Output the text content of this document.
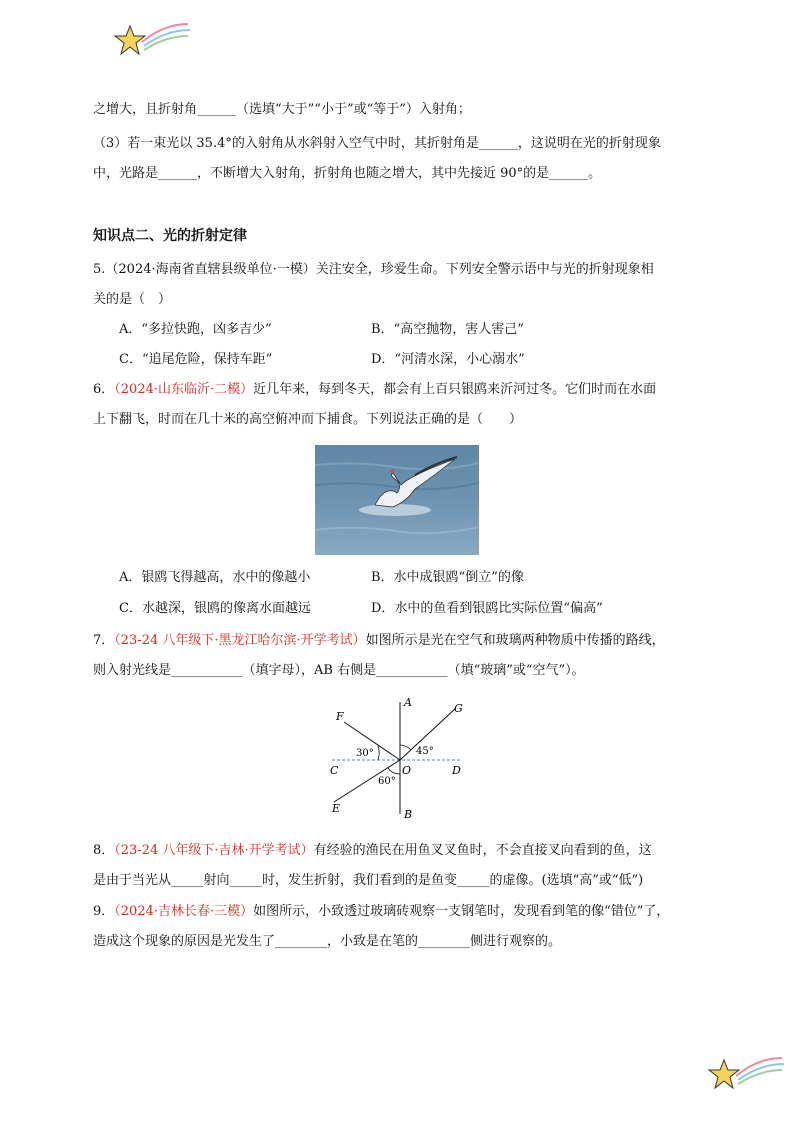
之增大，且折射角______（选填“大于”“小于”或“等于”）入射角；
（3）若一束光以 35.4°的入射角从水斜射入空气中时，其折射角是______，这说明在光的折射现象
中，光路是______，不断增大入射角，折射角也随之增大，其中先接近 90°的是______。
知识点二、光的折射定律
5.（2024·海南省直辖县级单位·一模）关注安全，珍爱生命。下列安全警示语中与光的折射现象相
关的是（　）
A．“多拉快跑，凶多吉少”	B．“高空抛物，害人害己”
C．“追尾危险，保持车距”	D．“河清水深，小心溺水”
6．（2024·山东临沂·二模）近几年来，每到冬天，都会有上百只银鸥来沂河过冬。它们时而在水面
上下翻飞，时而在几十米的高空俯冲而下捕食。下列说法正确的是（　　）
A．银鸥飞得越高，水中的像越小	B．水中成银鸥“倒立”的像
C．水越深，银鸥的像离水面越远	D．水中的鱼看到银鸥比实际位置“偏高”
7．（23-24 八年级下·黑龙江哈尔滨·开学考试）如图所示是光在空气和玻璃两种物质中传播的路线，
则入射光线是___________（填字母），AB 右侧是___________（填“玻璃”或“空气”）。
A
B
C	D
E
F
G
O
30°	45°
60°
8．（23-24 八年级下·吉林·开学考试）有经验的渔民在用鱼叉叉鱼时，不会直接叉向看到的鱼，这
是由于当光从_____射向_____时，发生折射，我们看到的是鱼变_____的虚像。(选填“高”或“低”)
9．（2024·吉林长春·三模）如图所示，小致透过玻璃砖观察一支钢笔时，发现看到笔的像“错位”了，
造成这个现象的原因是光发生了________，小致是在笔的________侧进行观察的。
